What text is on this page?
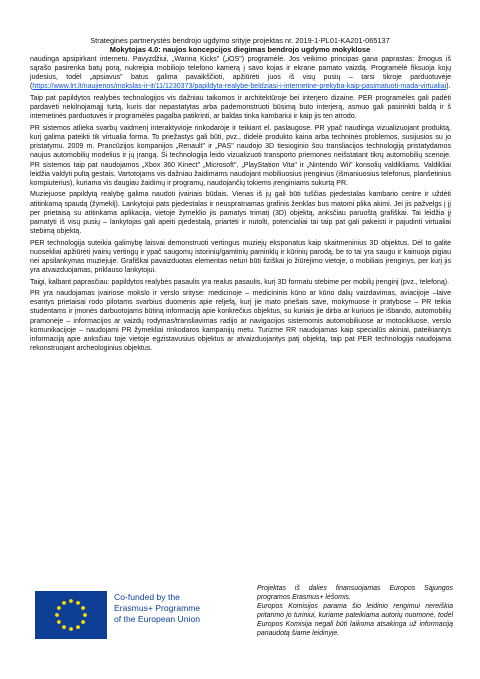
Strateginės partnerystės bendrojo ugdymo srityje projektas nr. 2019-1-PL01-KA201-065137
Mokytojas 4.0: naujos koncepcijos diegimas bendrojo ugdymo mokyklose

naudinga apsipirkant internetu. Pavyzdžiui, „Wanna Kicks" („iOS") programėlė. Jos veikimo principas gana paprastas: žmogus iš sąrašo pasirenka batų porą, nukreipia mobiliojo telefono kamerą į savo kojas ir ekrane pamato vaizdą. Programėlė fiksuoja kojų judesius, todėl „apsiavus" batus galima pavaikščioti, apžiūrėti juos iš visų pusių – tarsi tikroje parduotuvėje (https://www.lrt.lt/naujienos/mokslas-ir-it/11/1230373/papildyta-realybe-beldziasi-i-internetine-prekyba-kaip-pasimatuoti-mada-virtualiai).

Taip pat papildytos realybės technologijos vis dažniau taikomos ir architektūroje bei interjero dizaine. PER programėlės gali padėti pardavėti nekilnojamąjį turtą, kuris dar nepastatytas arba pademonstruoti būsimą buto interjerą, asmuo gali pasirinkti baldą ir š internetinės parduotuvės ir programėlės pagalba patikrinti, ar baldas tinka kambariui ir kaip jis ten atrodo.

PR sistemos atlieka svarbų vaidmenį interaktyvioje rinkodaroje ir teikiant el. paslaugose. PR ypač naudinga vizualizuojant produktą, kurį galima pateikti tik virtualia forma. To priežastys gali būti, pvz., didelė produkto kaina arba techninės problemos, susijusios su jo pristatymu. 2009 m. Prancūzijos kompanijos „Renault" ir „PAS" naudojo 3D tiesioginio šou transliacijos technologiją pristatydamos naujus automobilių modelius ir jų įrangą. Ši technologija leido vizualizuoti transporto priemones neišstatant tikrų automobilių scenoje. PR sistemos taip pat naudojamos „Xbox 360 Kinect" „Microsoft", „PlayStation Vita" ir „Nintendo Wii" konsolių valdikliams. Valdikliai leidžia valdyti pultą gestais. Vartotojams vis dažniau žaidimams naudojant mobiliuosius įrenginius (išmaniuosius telefonus, planšetinius kompiuterius), kuriama vis daugiau žaidimų ir programų, naudojančių tokiems įrenginiams sukurtą PR.

Muziejuose papildytą realybę galima naudoti įvairiais būdais. Vienas iš jų gali būti tuščias pjedestalas kambario centre ir uždėti atitinkamą spaudą (žymeklį). Lankytojui pats pjedestalas ir neuspratnamas grafinis ženklas bus matomi plika akimi. Jei jis pažvelgs į jį per prietaisą su atitinkama aplikacija, vietoje žymeklio jis pamatys trimatį (3D) objektą, anksčiau paruoštą grafiškai. Tai leidžia jį pamatyti iš visų pusių – lankytojas gali apeiti pjedestalą, priartėti ir nutolti, potencialiai tai taip pat gali pakeisti ir pajudinti virtualiai stebimą objektą.

PER technologija suteikia galimybę laisvai demonstruoti vertingus muziejų eksponatus kaip skaitmeninius 3D objektus. Dėl to galite nuosekliai apžiūrėti įvairių vertingų ir ypač saugomų istorinių/gamtinių paminklų ir kūrinių parodą, be to tai yra saugu ir kainuoja pigiau nei apsilankymas muziejuje. Grafiškai pavaizduotas elementas neturi būti fiziškai jo žiūrėjimo vietoje, o mobiliais įrenginys, per kurį jis yra atvaizduojamas, priklauso lankytojui.

Taigi, kalbant paprasčiau: papildytos realybės pasaulis yra realus pasaulis, kurį 3D formatu stebime per mobilų įrenginį (pvz., telefoną).

PR yra naudojamas įvairiose mokslo ir verslo srityse: medicinoje – medicininis kūno ar kūno dalių vaizdavimas, aviacijoje –laive esantys prietaisai rodo pilotams svarbius duomenis apie reljefą, kurį jie mato priešais save, mokymuose ir pratybose – PR teikia studentams ir įmonės darbuotojams būtiną informaciją apie konkrečius objektus, su kuriais jie dirba ar kuriuos jie išbando, automobilių pramonėje – informacijos ar vaizdų rodymas/transliavimas radijo ar navigacijos sistemomis automobiliuose ar motocikluose, verslo komunikacijoje – naudojami PR žymekliai rinkodaros kampanijų metu. Turizme RR naudojamas kaip specialūs akiniai, pateikiantys informaciją apie anksčiau toje vietoje egzistavusius objektus ar atvaizduojantys patį objektą, taip pat PER technologija naudojama rekonstruojant archeologinius objektus.

Co-funded by the
Erasmus+ Programme
of the European Union

Projektas iš dalies finansuojamas Europos Sąjungos programos Erasmus+ lėšomis.

Europos Komisijos parama šio leidinio rengimui nereiškia pritarimo jo turiniui, kuriame pateikiama autorių nuomonė, todėl Europos Komisija negali būti laikoma atsakinga už informaciją panaudotą šiame leidinyje.
